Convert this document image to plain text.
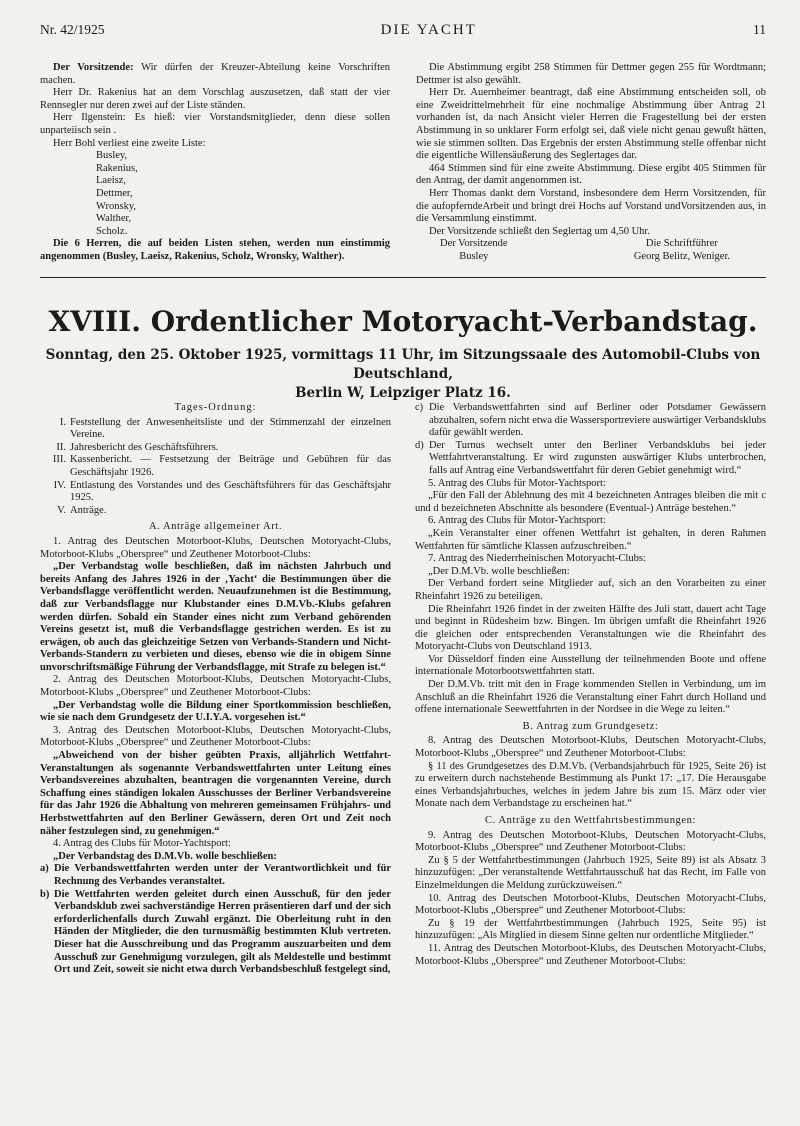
Nr. 42/1925	DIE YACHT	11

Der Vorsitzende: Wir dürfen der Kreuzer-Abteilung keine Vorschriften machen.

Herr Dr. Rakenius hat an dem Vorschlag auszusetzen, daß statt der vier Rennsegler nur deren zwei auf der Liste ständen.

Herr Ilgenstein: Es hieß: vier Vorstandsmitglieder, denn diese sollen unparteiisch sein .

Herr Bohl verliest eine zweite Liste:

Busley,
Rakenius,
Laeisz,
Dettmer,
Wronsky,
Walther,
Scholz.

Die 6 Herren, die auf beiden Listen stehen, werden nun einstimmig angenommen (Busley, Laeisz, Rakenius, Scholz, Wronsky, Walther).

Die Abstimmung ergibt 258 Stimmen für Dettmer gegen 255 für Wordtmann; Dettmer ist also gewählt.

Herr Dr. Auernheimer beantragt, daß eine Abstimmung entscheiden soll, ob eine Zweidrittelmehrheit für eine nochmalige Abstimmung über Antrag 21 vorhanden ist, da nach Ansicht vieler Herren die Fragestellung bei der ersten Abstimmung in so unklarer Form erfolgt sei, daß viele nicht genau gewußt hätten, wie sie stimmen sollten. Das Ergebnis der ersten Abstimmung stelle offenbar nicht die eigentliche Willensäußerung des Seglertages dar.

464 Stimmen sind für eine zweite Abstimmung. Diese ergibt 405 Stimmen für den Antrag, der damit angenommen ist.

Herr Thomas dankt dem Vorstand, insbesondere dem Herrn Vorsitzenden, für die aufopferndeArbeit und bringt drei Hochs auf Vorstand undVorsitzenden aus, in die Versammlung einstimmt.

Der Vorsitzende schließt den Seglertag um 4,50 Uhr.

Der Vorsitzende
Busley
Die Schriftführer
Georg Belitz, Weniger.
XVIII. Ordentlicher Motoryacht-Verbandstag.
Sonntag, den 25. Oktober 1925, vormittags 11 Uhr, im Sitzungssaale des Automobil-Clubs von Deutschland,
Berlin W, Leipziger Platz 16.
Tages-Ordnung:
I. Feststellung der Anwesenheitsliste und der Stimmenzahl der einzelnen Vereine.
II. Jahresbericht des Geschäftsführers.
III. Kassenbericht. — Festsetzung der Beiträge und Gebühren für das Geschäftsjahr 1926.
IV. Entlastung des Vorstandes und des Geschäftsführers für das Geschäftsjahr 1925.
V. Anträge.
A. Anträge allgemeiner Art.

1. Antrag des Deutschen Motorboot-Klubs, Deutschen Motoryacht-Clubs, Motorboot-Klubs „Oberspree“ und Zeuthener Motorboot-Clubs:

„Der Verbandstag wolle beschließen, daß im nächsten Jahrbuch und bereits Anfang des Jahres 1926 in der ‚Yacht‘ die Bestimmungen über die Verbandsflagge veröffentlicht werden. Neuaufzunehmen ist die Bestimmung, daß zur Verbandsflagge nur Klubstander eines D.M.Vb.-Klubs gefahren werden dürfen. Sobald ein Stander eines nicht zum Verband gehörenden Vereins gesetzt ist, muß die Verbandsflagge gestrichen werden. Es ist zu erwägen, ob auch das gleichzeitige Setzen von Verbands-Standern und Nicht-Verbands-Standern zu verbieten und dieses, ebenso wie die in obigem Sinne unvorschriftsmäßige Führung der Verbandsflagge, mit Strafe zu belegen ist.“

2. Antrag des Deutschen Motorboot-Klubs, Deutschen Motoryacht-Clubs, Motorboot-Klubs „Oberspree“ und Zeuthener Motorboot-Clubs:

„Der Verbandstag wolle die Bildung einer Sportkommission beschließen, wie sie nach dem Grundgesetz der U.I.Y.A. vorgesehen ist.“

3. Antrag des Deutschen Motorboot-Klubs, Deutschen Motoryacht-Clubs, Motorboot-Klubs „Oberspree“ und Zeuthener Motorboot-Clubs:

„Abweichend von der bisher geübten Praxis, alljährlich Wettfahrt-Veranstaltungen als sogenannte Verbandswettfahrten unter Leitung eines Verbandsvereines abzuhalten, beantragen die vorgenannten Vereine, durch Schaffung eines ständigen lokalen Ausschusses der Berliner Verbandsvereine für das Jahr 1926 die Abhaltung von mehreren gemeinsamen Frühjahrs- und Herbstwettfahrten auf den Berliner Gewässern, deren Ort und Zeit noch näher festzulegen sind, zu genehmigen.“

4. Antrag des Clubs für Motor-Yachtsport:

„Der Verbandstag des D.M.Vb. wolle beschließen:

a) Die Verbandswettfahrten werden unter der Verantwortlichkeit und für Rechnung des Verbandes veranstaltet.
b) Die Wettfahrten werden geleitet durch einen Ausschuß, für den jeder Verbandsklub zwei sachverständige Herren präsentieren darf und der sich erforderlichenfalls durch Zuwahl ergänzt. Die Oberleitung ruht in den Händen der Mitglieder, die den turnusmäßig bestimmten Klub vertreten. Dieser hat die Ausschreibung und das Programm auszuarbeiten und dem Ausschuß zur Genehmigung vorzulegen, gilt als Meldestelle und bestimmt Ort und Zeit, soweit sie nicht etwa durch Verbandsbeschluß festgelegt sind,
c) Die Verbandswettfahrten sind auf Berliner oder Potsdamer Gewässern abzuhalten, sofern nicht etwa die Wassersportreviere auswärtiger Verbandsklubs dafür gewählt werden.
d) Der Turnus wechselt unter den Berliner Verbandsklubs bei jeder Wettfahrtveranstaltung. Er wird zugunsten auswärtiger Klubs unterbrochen, falls auf Antrag eine Verbandswettfahrt für deren Gebiet genehmigt wird.“

5. Antrag des Clubs für Motor-Yachtsport:

„Für den Fall der Ablehnung des mit 4 bezeichneten Antrages bleiben die mit c und d bezeichneten Abschnitte als besondere (Eventual-) Anträge bestehen.“

6. Antrag des Clubs für Motor-Yachtsport:

„Kein Veranstalter einer offenen Wettfahrt ist gehalten, in deren Rahmen Wettfahrten für sämtliche Klassen aufzuschreiben.“

7. Antrag des Niederrheinischen Motoryacht-Clubs:

„Der D.M.Vb. wolle beschließen:

Der Verband fordert seine Mitglieder auf, sich an den Vorarbeiten zu einer Rheinfahrt 1926 zu beteiligen.

Die Rheinfahrt 1926 findet in der zweiten Hälfte des Juli statt, dauert acht Tage und beginnt in Rüdesheim bzw. Bingen. Im übrigen umfaßt die Rheinfahrt 1926 die gleichen oder entsprechenden Veranstaltungen wie die Rheinfahrt des Motoryacht-Clubs von Deutschland 1913.

Vor Düsseldorf finden eine Ausstellung der teilnehmenden Boote und offene internationale Motorbootswettfahrten statt.

Der D.M.Vb. tritt mit den in Frage kommenden Stellen in Verbindung, um im Anschluß an die Rheinfahrt 1926 die Veranstaltung einer Fahrt durch Holland und offene internationale Seewettfahrten in der Nordsee in die Wege zu leiten.“

B. Antrag zum Grundgesetz:

8. Antrag des Deutschen Motorboot-Klubs, Deutschen Motoryacht-Clubs, Motorboot-Klubs „Oberspree“ und Zeuthener Motorboot-Clubs:

§ 11 des Grundgesetzes des D.M.Vb. (Verbandsjahrbuch für 1925, Seite 26) ist zu erweitern durch nachstehende Bestimmung als Punkt 17: „17. Die Herausgabe eines Verbandsjahrbuches, welches in jedem Jahre bis zum 15. März oder vier Monate nach dem Verbandstage zu erscheinen hat.“

C. Anträge zu den Wettfahrtsbestimmungen:

9. Antrag des Deutschen Motorboot-Klubs, Deutschen Motoryacht-Clubs, Motorboot-Klubs „Oberspree“ und Zeuthener Motorboot-Clubs:

Zu § 5 der Wettfahrtbestimmungen (Jahrbuch 1925, Seite 89) ist als Absatz 3 hinzuzufügen: „Der veranstaltende Wettfahrtausschuß hat das Recht, im Falle von Einzelmeldungen die Meldung zurückzuweisen.“

10. Antrag des Deutschen Motorboot-Klubs, Deutschen Motoryacht-Clubs, Motorboot-Klubs „Oberspree“ und Zeuthener Motorboot-Clubs:

Zu § 19 der Wettfahrtbestimmungen (Jahrbuch 1925, Seite 95) ist hinzuzufügen: „Als Mitglied in diesem Sinne gelten nur ordentliche Mitglieder.“

11. Antrag des Deutschen Motorboot-Klubs, des Deutschen Motoryacht-Clubs, Motorboot-Klubs „Oberspree“ und Zeuthener Motorboot-Clubs:
